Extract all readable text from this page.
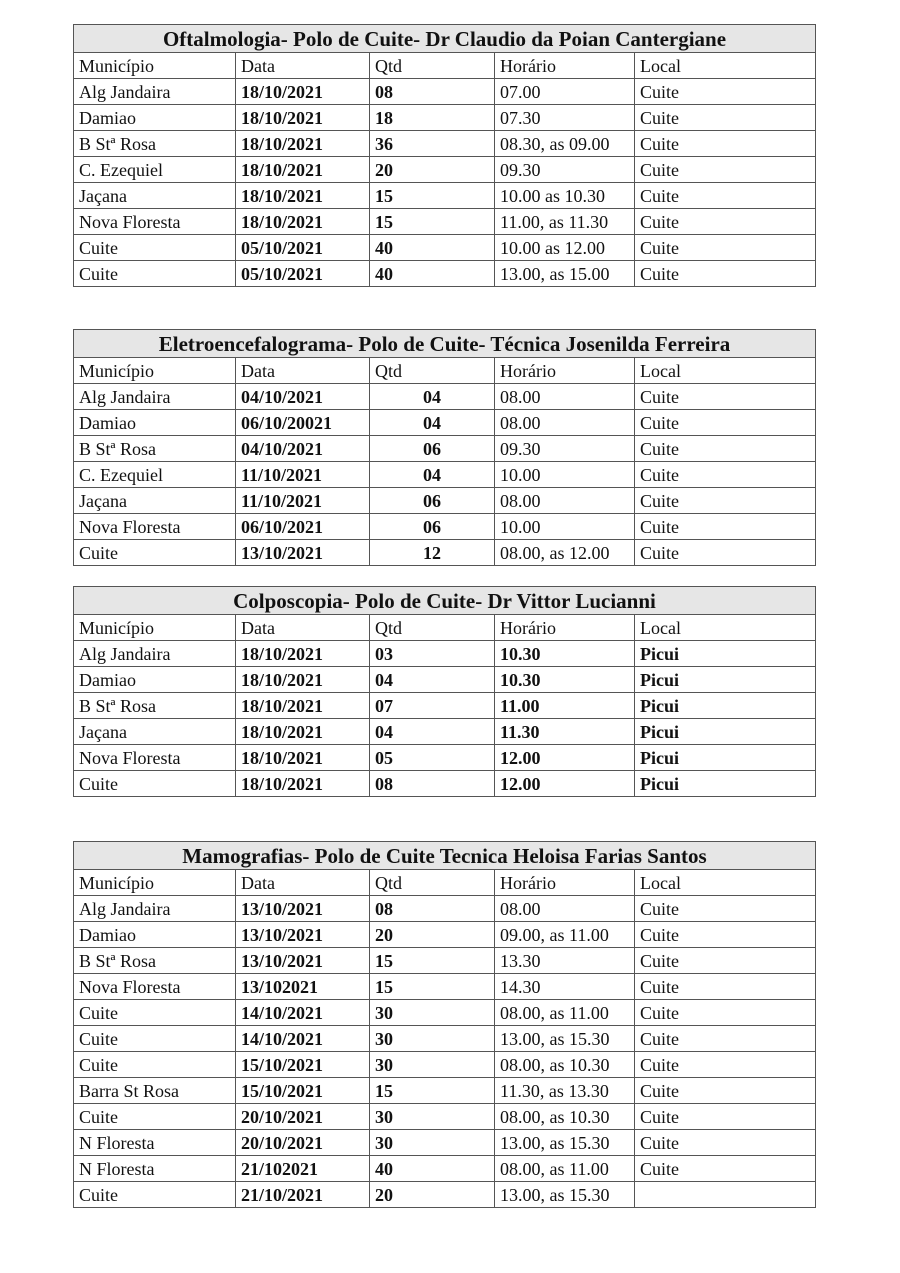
Oftalmologia- Polo de Cuite- Dr Claudio da Poian Cantergiane				
Município	Data	Qtd	Horário	Local
Alg Jandaira	18/10/2021	08	07.00	Cuite
Damiao	18/10/2021	18	07.30	Cuite
B Stª Rosa	18/10/2021	36	08.30, as 09.00	Cuite
C. Ezequiel	18/10/2021	20	09.30	Cuite
Jaçana	18/10/2021	15	10.00 as 10.30	Cuite
Nova Floresta	18/10/2021	15	11.00, as 11.30	Cuite
Cuite	05/10/2021	40	10.00 as 12.00	Cuite
Cuite	05/10/2021	40	13.00, as 15.00	Cuite
Eletroencefalograma- Polo de Cuite- Técnica Josenilda Ferreira				
Município	Data	Qtd	Horário	Local
Alg Jandaira	04/10/2021	04	08.00	Cuite
Damiao	06/10/20021	04	08.00	Cuite
B Stª Rosa	04/10/2021	06	09.30	Cuite
C. Ezequiel	11/10/2021	04	10.00	Cuite
Jaçana	11/10/2021	06	08.00	Cuite
Nova Floresta	06/10/2021	06	10.00	Cuite
Cuite	13/10/2021	12	08.00, as 12.00	Cuite
Colposcopia- Polo de Cuite- Dr Vittor Lucianni				
Município	Data	Qtd	Horário	Local
Alg Jandaira	18/10/2021	03	10.30	Picui
Damiao	18/10/2021	04	10.30	Picui
B Stª Rosa	18/10/2021	07	11.00	Picui
Jaçana	18/10/2021	04	11.30	Picui
Nova Floresta	18/10/2021	05	12.00	Picui
Cuite	18/10/2021	08	12.00	Picui
Mamografias- Polo de Cuite Tecnica Heloisa Farias Santos				
Município	Data	Qtd	Horário	Local
Alg Jandaira	13/10/2021	08	08.00	Cuite
Damiao	13/10/2021	20	09.00, as 11.00	Cuite
B Stª Rosa	13/10/2021	15	13.30	Cuite
Nova Floresta	13/102021	15	14.30	Cuite
Cuite	14/10/2021	30	08.00, as 11.00	Cuite
Cuite	14/10/2021	30	13.00, as 15.30	Cuite
Cuite	15/10/2021	30	08.00, as 10.30	Cuite
Barra St Rosa	15/10/2021	15	11.30, as 13.30	Cuite
Cuite	20/10/2021	30	08.00, as 10.30	Cuite
N Floresta	20/10/2021	30	13.00, as 15.30	Cuite
N Floresta	21/102021	40	08.00, as 11.00	Cuite
Cuite	21/10/2021	20	13.00, as 15.30	
